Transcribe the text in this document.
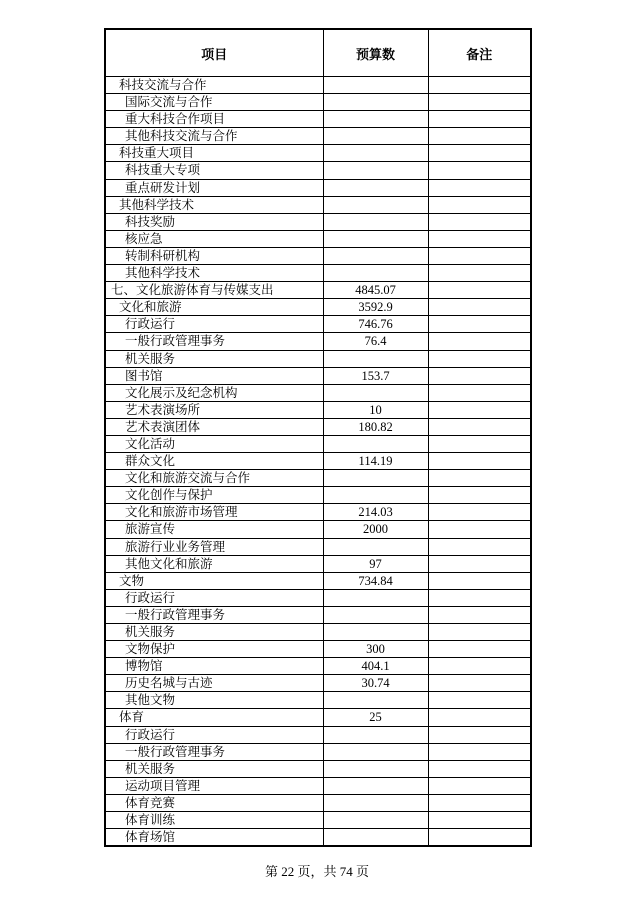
项目	预算数	备注
科技交流与合作		
国际交流与合作		
重大科技合作项目		
其他科技交流与合作		
科技重大项目		
科技重大专项		
重点研发计划		
其他科学技术		
科技奖励		
核应急		
转制科研机构		
其他科学技术		
七、文化旅游体育与传媒支出	4845.07	
文化和旅游	3592.9	
行政运行	746.76	
一般行政管理事务	76.4	
机关服务		
图书馆	153.7	
文化展示及纪念机构		
艺术表演场所	10	
艺术表演团体	180.82	
文化活动		
群众文化	114.19	
文化和旅游交流与合作		
文化创作与保护		
文化和旅游市场管理	214.03	
旅游宣传	2000	
旅游行业业务管理		
其他文化和旅游	97	
文物	734.84	
行政运行		
一般行政管理事务		
机关服务		
文物保护	300	
博物馆	404.1	
历史名城与古迹	30.74	
其他文物		
体育	25	
行政运行		
一般行政管理事务		
机关服务		
运动项目管理		
体育竞赛		
体育训练		
体育场馆		
第 22 页，共 74 页
